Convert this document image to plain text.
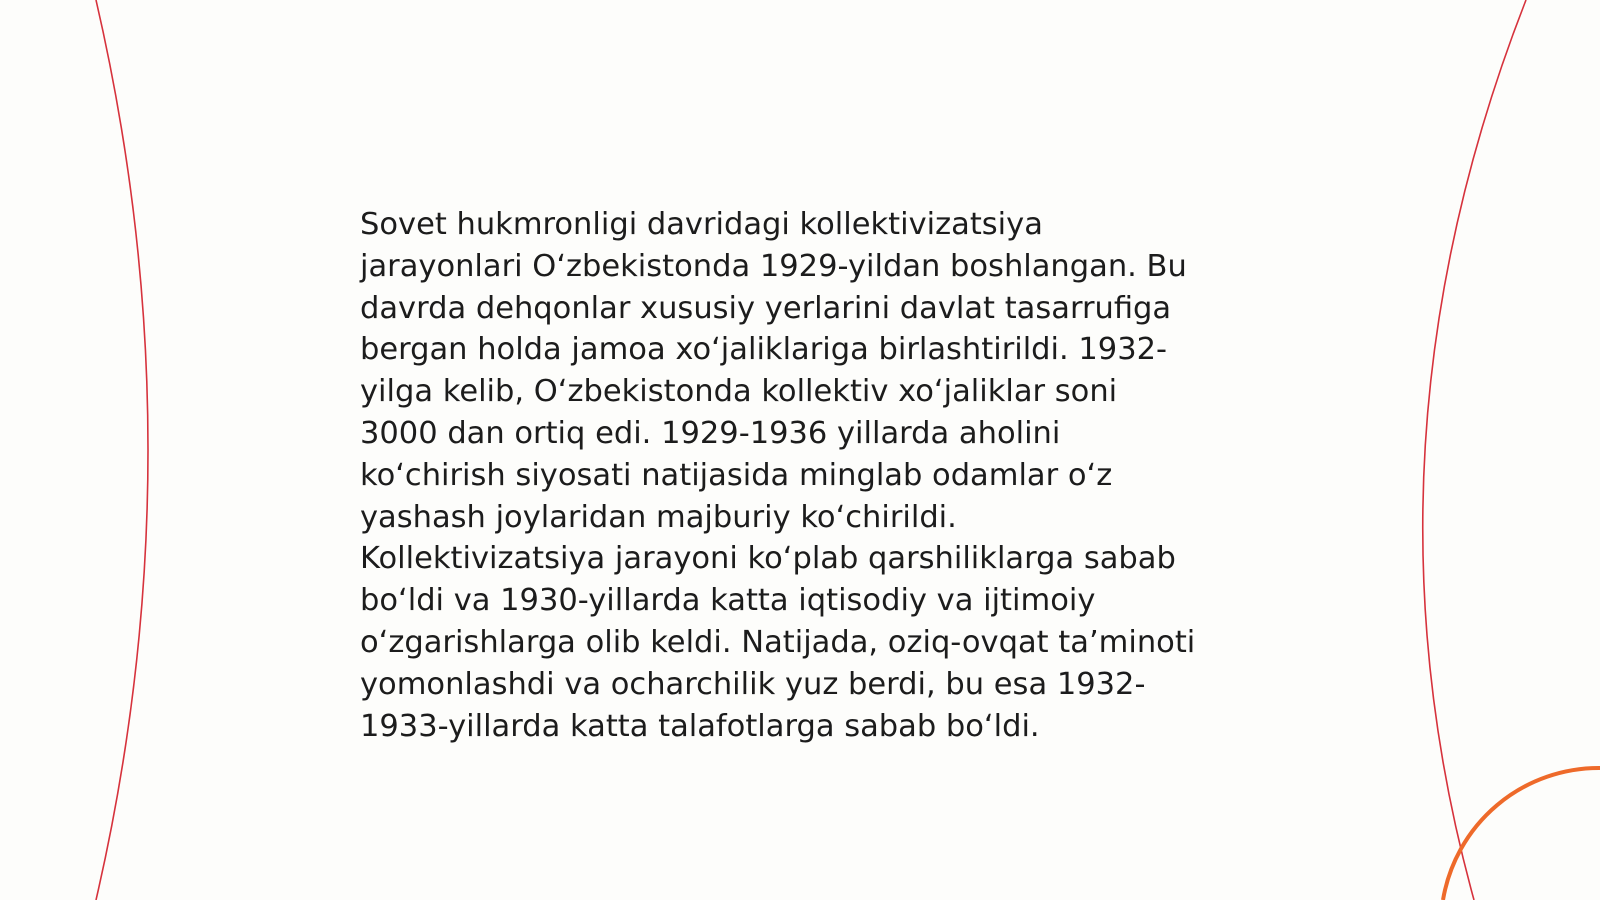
Sovet hukmronligi davridagi kollektivizatsiya
jarayonlari O‘zbekistonda 1929-yildan boshlangan. Bu
davrda dehqonlar xususiy yerlarini davlat tasarrufiga
bergan holda jamoa xo‘jaliklariga birlashtirildi. 1932-
yilga kelib, O‘zbekistonda kollektiv xo‘jaliklar soni
3000 dan ortiq edi. 1929-1936 yillarda aholini
ko‘chirish siyosati natijasida minglab odamlar o‘z
yashash joylaridan majburiy ko‘chirildi.
Kollektivizatsiya jarayoni ko‘plab qarshiliklarga sabab
bo‘ldi va 1930-yillarda katta iqtisodiy va ijtimoiy
o‘zgarishlarga olib keldi. Natijada, oziq-ovqat ta’minoti
yomonlashdi va ocharchilik yuz berdi, bu esa 1932-
1933-yillarda katta talafotlarga sabab bo‘ldi.
